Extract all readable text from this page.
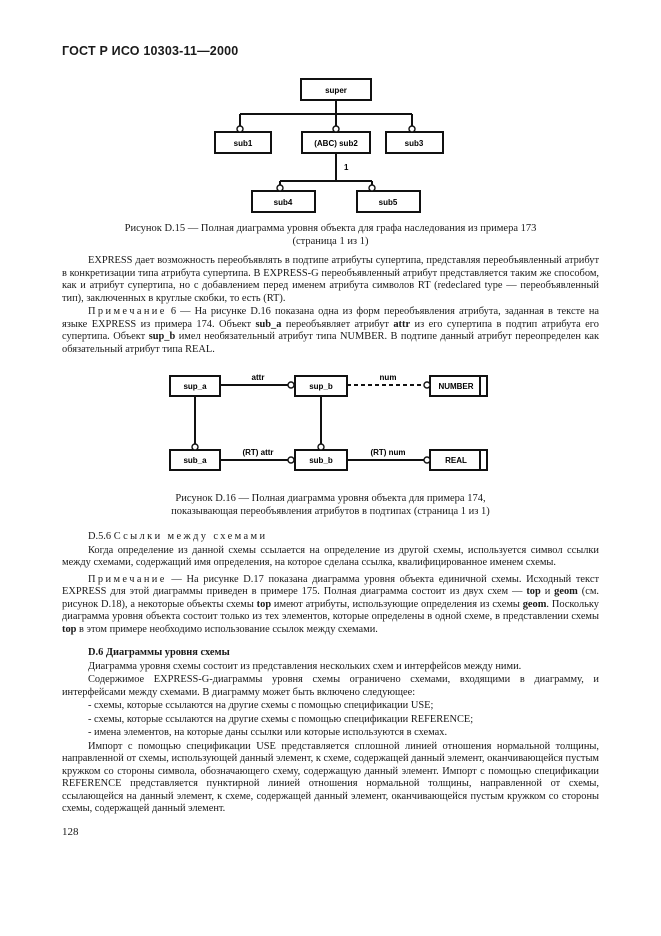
ГОСТ Р ИСО 10303-11—2000
super
sub1	(ABC) sub2	sub3
1
sub4	sub5
Рисунок D.15 — Полная диаграмма уровня объекта для графа наследования из примера 173
(страница 1 из 1)

EXPRESS дает возможность переобъявлять в подтипе атрибуты супертипа, представляя переобъявленный атрибут в конкретизации типа атрибута супертипа. В EXPRESS-G переобъявленный атрибут представляется таким же способом, как и атрибут супертипа, но с добавлением перед именем атрибута символов RT (redeclared type — переобъявленный тип), заключенных в круглые скобки, то есть (RT).

Примечание 6 — На рисунке D.16 показана одна из форм переобъявления атрибута, заданная в тексте на языке EXPRESS из примера 174. Объект sub_a переобъявляет атрибут attr из его супертипа в подтип атрибута его супертипа. Объект sup_b имел необязательный атрибут типа NUMBER. В подтипе данный атрибут переопределен как обязательный атрибут типа REAL.

sup_a	sup_b	NUMBER
sub_a	sub_b	REAL
attr	num
(RT) attr	(RT) num
Рисунок D.16 — Полная диаграмма уровня объекта для примера 174,
показывающая переобъявления атрибутов в подтипах (страница 1 из 1)

D.5.6 Ссылки между схемами

Когда определение из данной схемы ссылается на определение из другой схемы, используется символ ссылки между схемами, содержащий имя определения, на которое сделана ссылка, квалифицированное именем схемы.

Примечание — На рисунке D.17 показана диаграмма уровня объекта единичной схемы. Исходный текст EXPRESS для этой диаграммы приведен в примере 175. Полная диаграмма состоит из двух схем — top и geom (см. рисунок D.18), а некоторые объекты схемы top имеют атрибуты, использующие определения из схемы geom. Поскольку диаграмма уровня объекта состоит только из тех элементов, которые определены в одной схеме, в представлении схемы top в этом примере необходимо использование ссылок между схемами.

D.6 Диаграммы уровня схемы

Диаграмма уровня схемы состоит из представления нескольких схем и интерфейсов между ними.

Содержимое EXPRESS-G-диаграммы уровня схемы ограничено схемами, входящими в диаграмму, и интерфейсами между схемами. В диаграмму может быть включено следующее:

- схемы, которые ссылаются на другие схемы с помощью спецификации USE;

- схемы, которые ссылаются на другие схемы с помощью спецификации REFERENCE;

- имена элементов, на которые даны ссылки или которые используются в схемах.

Импорт с помощью спецификации USE представляется сплошной линией отношения нормальной толщины, направленной от схемы, использующей данный элемент, к схеме, содержащей данный элемент, оканчивающейся пустым кружком со стороны символа, обозначающего схему, содержащую данный элемент. Импорт с помощью спецификации REFERENCE представляется пунктирной линией отношения нормальной толщины, направленной от схемы, ссылающейся на данный элемент, к схеме, содержащей данный элемент, оканчивающейся пустым кружком со стороны схемы, содержащей данный элемент.

128
